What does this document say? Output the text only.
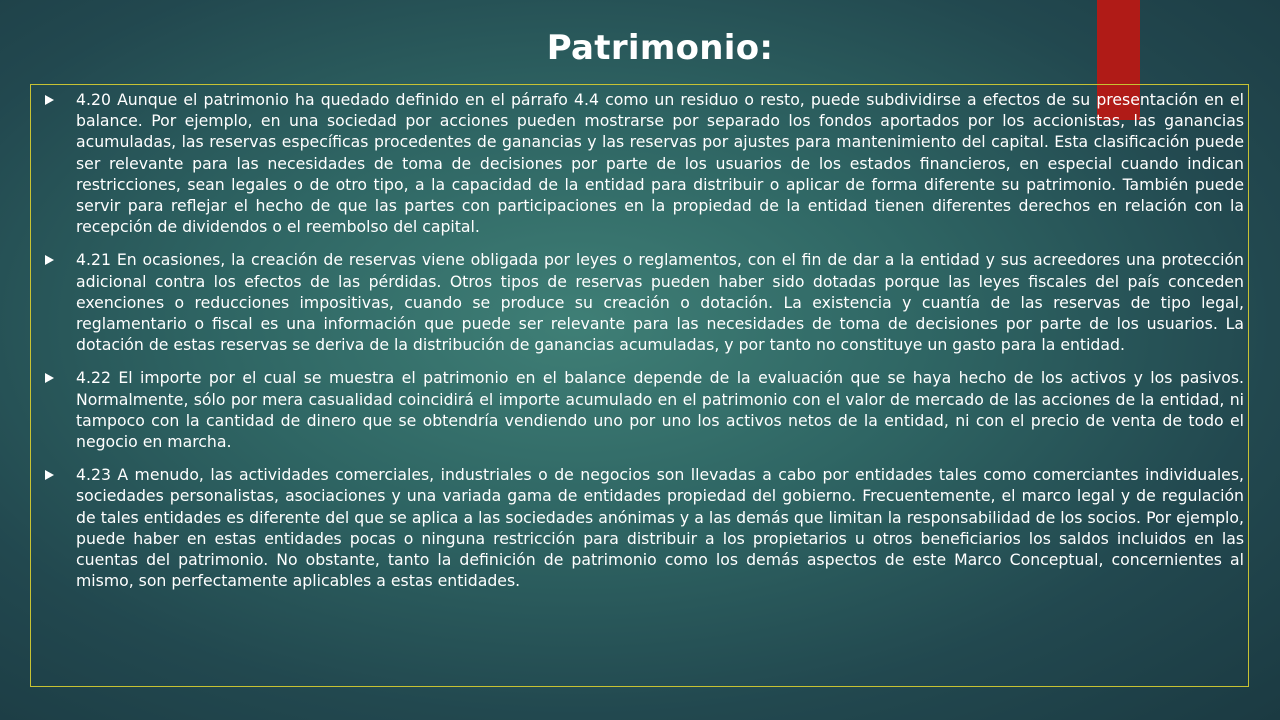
Patrimonio:
4.20 Aunque el patrimonio ha quedado definido en el párrafo 4.4 como un residuo o resto, puede subdividirse a efectos de su presentación en el balance. Por ejemplo, en una sociedad por acciones pueden mostrarse por separado los fondos aportados por los accionistas, las ganancias acumuladas, las reservas específicas procedentes de ganancias y las reservas por ajustes para mantenimiento del capital. Esta clasificación puede ser relevante para las necesidades de toma de decisiones por parte de los usuarios de los estados financieros, en especial cuando indican restricciones, sean legales o de otro tipo, a la capacidad de la entidad para distribuir o aplicar de forma diferente su patrimonio. También puede servir para reflejar el hecho de que las partes con participaciones en la propiedad de la entidad tienen diferentes derechos en relación con la recepción de dividendos o el reembolso del capital.
4.21 En ocasiones, la creación de reservas viene obligada por leyes o reglamentos, con el fin de dar a la entidad y sus acreedores una protección adicional contra los efectos de las pérdidas. Otros tipos de reservas pueden haber sido dotadas porque las leyes fiscales del país conceden exenciones o reducciones impositivas, cuando se produce su creación o dotación. La existencia y cuantía de las reservas de tipo legal, reglamentario o fiscal es una información que puede ser relevante para las necesidades de toma de decisiones por parte de los usuarios. La dotación de estas reservas se deriva de la distribución de ganancias acumuladas, y por tanto no constituye un gasto para la entidad.
4.22 El importe por el cual se muestra el patrimonio en el balance depende de la evaluación que se haya hecho de los activos y los pasivos. Normalmente, sólo por mera casualidad coincidirá el importe acumulado en el patrimonio con el valor de mercado de las acciones de la entidad, ni tampoco con la cantidad de dinero que se obtendría vendiendo uno por uno los activos netos de la entidad, ni con el precio de venta de todo el negocio en marcha.
4.23 A menudo, las actividades comerciales, industriales o de negocios son llevadas a cabo por entidades tales como comerciantes individuales, sociedades personalistas, asociaciones y una variada gama de entidades propiedad del gobierno. Frecuentemente, el marco legal y de regulación de tales entidades es diferente del que se aplica a las sociedades anónimas y a las demás que limitan la responsabilidad de los socios. Por ejemplo, puede haber en estas entidades pocas o ninguna restricción para distribuir a los propietarios u otros beneficiarios los saldos incluidos en las cuentas del patrimonio. No obstante, tanto la definición de patrimonio como los demás aspectos de este Marco Conceptual, concernientes al mismo, son perfectamente aplicables a estas entidades.
